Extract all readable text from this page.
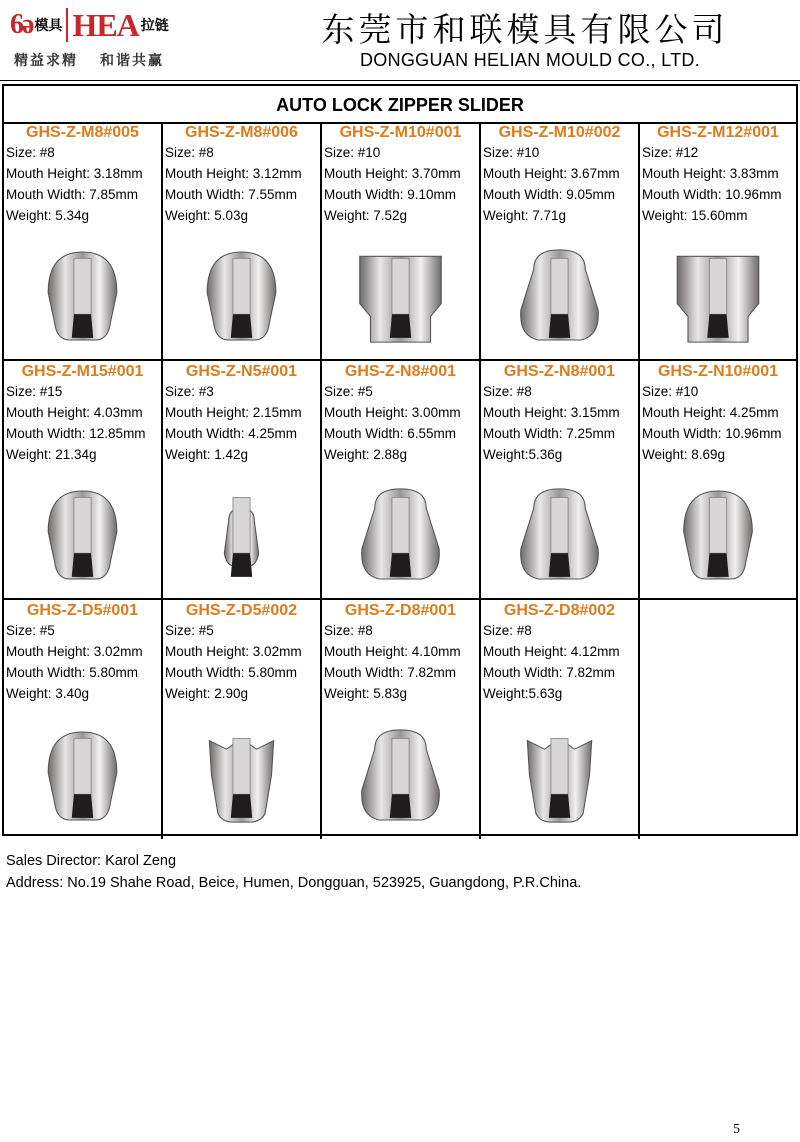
6ə 模具 HEA 拉链
精益求精 和谐共赢
东莞市和联模具有限公司
DONGGUAN HELIAN MOULD CO., LTD.
AUTO LOCK ZIPPER SLIDER
GHS-Z-M8#005
Size: #8
Mouth Height: 3.18mm
Mouth Width: 7.85mm
Weight: 5.34g
GHS-Z-M8#006
Size: #8
Mouth Height: 3.12mm
Mouth Width: 7.55mm
Weight: 5.03g
GHS-Z-M10#001
Size: #10
Mouth Height: 3.70mm
Mouth Width: 9.10mm
Weight: 7.52g
GHS-Z-M10#002
Size: #10
Mouth Height: 3.67mm
Mouth Width: 9.05mm
Weight: 7.71g
GHS-Z-M12#001
Size: #12
Mouth Height: 3.83mm
Mouth Width: 10.96mm
Weight: 15.60mm
GHS-Z-M15#001
Size: #15
Mouth Height: 4.03mm
Mouth Width: 12.85mm
Weight: 21.34g
GHS-Z-N5#001
Size: #3
Mouth Height: 2.15mm
Mouth Width: 4.25mm
Weight: 1.42g
GHS-Z-N8#001
Size: #5
Mouth Height: 3.00mm
Mouth Width: 6.55mm
Weight: 2.88g
GHS-Z-N8#001
Size: #8
Mouth Height: 3.15mm
Mouth Width: 7.25mm
Weight:5.36g
GHS-Z-N10#001
Size: #10
Mouth Height: 4.25mm
Mouth Width: 10.96mm
Weight: 8.69g
GHS-Z-D5#001
Size: #5
Mouth Height: 3.02mm
Mouth Width: 5.80mm
Weight: 3.40g
GHS-Z-D5#002
Size: #5
Mouth Height: 3.02mm
Mouth Width: 5.80mm
Weight: 2.90g
GHS-Z-D8#001
Size: #8
Mouth Height: 4.10mm
Mouth Width: 7.82mm
Weight: 5.83g
GHS-Z-D8#002
Size: #8
Mouth Height: 4.12mm
Mouth Width: 7.82mm
Weight:5.63g
Sales Director: Karol Zeng
Address: No.19 Shahe Road, Beice, Humen, Dongguan, 523925, Guangdong, P.R.China.
5
